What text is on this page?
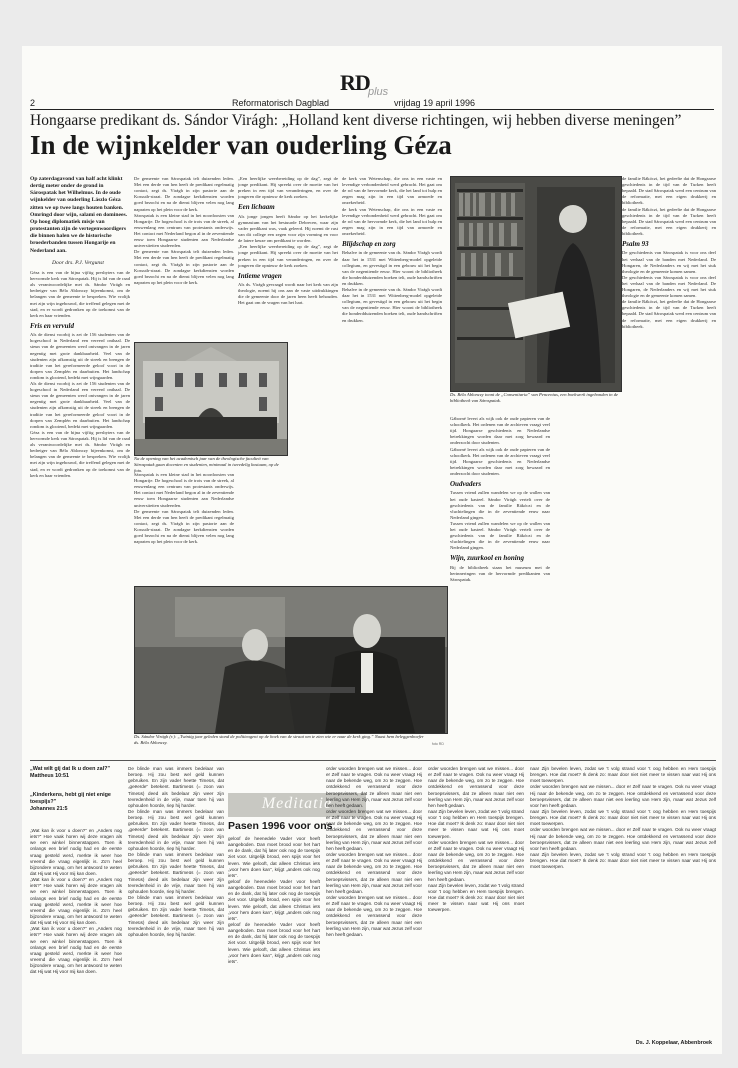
RD
plus
2	Reformatorisch Dagblad	vrijdag 19 april 1996
Hongaarse predikant ds. Sándor Virágh: „Holland kent diverse richtingen, wij hebben diverse meningen”
In de wijnkelder van ouderling Géza
Op zaterdagavond van half acht klinkt dertig meter onder de grond in Sárospatak het Wilhelmus. In de oude wijnkelder van ouderling Lászlo Géza zitten we op twee langs houten banken. Omringd door wijn, salami en dominees. Op hoog diplomatiek misje van protestanten zijn de vertegenwoordigers die binnen halen we de historische broederbanden tussen Hongarije en Nederland aan.
Door drs. P.J. Vergunst
Géza is een van de bijna vijftig presbyters van de hervormde kerk van Sárospatak. Hij is lid van de raad als verantwoordelijke met ds. Sándor Virágh en bedreiger van Béla Ablonczy bijeenkomst, om de belangen van de gemeente te bespreken. Wie vrolijk met zijn wijn ingebouwd, die treffend gelegen met de stad, en er wordt gedronken op de toekomst van de kerk en haar vrienden.
Fris en vervuld
Als de dienst voorbij is zet de 156 studenten van de hogeschool in Nederland een vereerd onthaal. De steun van de gemeenten werd ontvangen in de jaren negentig met grote dankbaarheid. Veel van de studenten zijn afkomstig uit de streek en brengen de traditie van het gereformeerde geloof voort in de dorpen van Zemplén en daarbuiten. Het landschap rondom is glooiend, bedekt met wijngaarden.
Als de dienst voorbij is zet de 156 studenten van de hogeschool in Nederland een vereerd onthaal. De steun van de gemeenten werd ontvangen in de jaren negentig met grote dankbaarheid. Veel van de studenten zijn afkomstig uit de streek en brengen de traditie van het gereformeerde geloof voort in de dorpen van Zemplén en daarbuiten. Het landschap rondom is glooiend, bedekt met wijngaarden.
Géza is een van de bijna vijftig presbyters van de hervormde kerk van Sárospatak. Hij is lid van de raad als verantwoordelijke met ds. Sándor Virágh en bedreiger van Béla Ablonczy bijeenkomst, om de belangen van de gemeente te bespreken. Wie vrolijk met zijn wijn ingebouwd, die treffend gelegen met de stad, en er wordt gedronken op de toekomst van de kerk en haar vrienden.
Na de opening van het academisch jaar van de theologische faculteit van Sárospatak gaan docenten en studenten, minimaal in tweedelig kostuum, op de foto.
De gemeente van Sárospatak telt duizenden leden. Met een derde van hen heeft de predikant regelmatig contact, zegt ds. Virágh in zijn pastorie aan de Kossuth-straat. De zondagse kerkdiensten worden goed bezocht en na de dienst blijven velen nog lang napraten op het plein voor de kerk.
Sárospatak is een kleine stad in het noordoosten van Hongarije. De hogeschool is de trots van de streek, al eeuwenlang een centrum van protestants onderwijs. Het contact met Nederland begon al in de zeventiende eeuw toen Hongaarse studenten aan Nederlandse universiteiten studeerden.
De gemeente van Sárospatak telt duizenden leden. Met een derde van hen heeft de predikant regelmatig contact, zegt ds. Virágh in zijn pastorie aan de Kossuth-straat. De zondagse kerkdiensten worden goed bezocht en na de dienst blijven velen nog lang napraten op het plein voor de kerk.
Sárospatak is een kleine stad in het noordoosten van Hongarije. De hogeschool is de trots van de streek, al eeuwenlang een centrum van protestants onderwijs. Het contact met Nederland begon al in de zeventiende eeuw toen Hongaarse studenten aan Nederlandse universiteiten studeerden.
De gemeente van Sárospatak telt duizenden leden. Met een derde van hen heeft de predikant regelmatig contact, zegt ds. Virágh in zijn pastorie aan de Kossuth-straat. De zondagse kerkdiensten worden goed bezocht en na de dienst blijven velen nog lang napraten op het plein voor de kerk.
„Een heerlijke weerbereiding op de dag”, zegt de jonge predikant. Hij spreekt over de moeite van het preken in een tijd van veranderingen, en over de jongeren die opnieuw de kerk zoeken.
Een lichaam
Als jonge jongen heeft Sándor op het kerkelijke gymnasium van het bestuurde Debrecen, waar zijn vader predikant was, vaak geleerd. Hij noemt de rust van dit college een zegen voor zijn vorming en voor de latere keuze om predikant te worden.
„Een heerlijke weerbereiding op de dag”, zegt de jonge predikant. Hij spreekt over de moeite van het preken in een tijd van veranderingen, en over de jongeren die opnieuw de kerk zoeken.
Intieme vragen
Als ds. Virágh gevraagd wordt naar het kerk van zijn theologie, noemt hij ons aan de vaste uitdrukkingen die de gemeente door de jaren heen heeft behouden. Het gaat om de vragen van het hart.
de kerk van Wetenschap, die ons in een vaste en levendige verbondenheid werd gebracht. Het gaat om de rol van de hervormde kerk, die het land tot hulp en zegen mag zijn in een tijd van armoede en onzekerheid.
de kerk van Wetenschap, die ons in een vaste en levendige verbondenheid werd gebracht. Het gaat om de rol van de hervormde kerk, die het land tot hulp en zegen mag zijn in een tijd van armoede en onzekerheid.
Blijdschap en zorg
Behalve in de gemeente van ds. Sándor Virágh wordt daar het in 1531 met Wittenberg-model opgeleide collegium, en gevestigd in een gebouw uit het begin van de negentiende eeuw. Hier woont de bibliotheek die honderdduizenden boeken telt, oude handschriften en drukken.
Behalve in de gemeente van ds. Sándor Virágh wordt daar het in 1531 met Wittenberg-model opgeleide collegium, en gevestigd in een gebouw uit het begin van de negentiende eeuw. Hier woont de bibliotheek die honderdduizenden boeken telt, oude handschriften en drukken.
Ds. Béla Ablonczy toont de „Consentiaria” van Pencenius, een boekwerk ingebonden in de bibliotheek van Sárospatak.
Gáborné levert als wijk ook de oude papieren van de schoolkerk. Het ordenen van de archieven vraagt veel tijd. Hongaarse geschiedenis en Nederlandse betrekkingen worden daar met zorg bewaard en onderzocht door studenten.
Gáborné levert als wijk ook de oude papieren van de schoolkerk. Het ordenen van de archieven vraagt veel tijd. Hongaarse geschiedenis en Nederlandse betrekkingen worden daar met zorg bewaard en onderzocht door studenten.
Oudvaders
Tussen vriend zullen wandelen we op de wallen van het oude kasteel. Sándor Virágh vertelt over de geschiedenis van de familie Rákóczi en de vluchtelingen die in de zeventiende eeuw naar Nederland gingen.
Tussen vriend zullen wandelen we op de wallen van het oude kasteel. Sándor Virágh vertelt over de geschiedenis van de familie Rákóczi en de vluchtelingen die in de zeventiende eeuw naar Nederland gingen.
Wijn, zuurkool en honing
Bij de bibliotheek staan het museum met de herinneringen van de hervormde predikanten van Sárospatak.
de familie Rákóczi, het gedeelte dat de Hongaarse geschiedenis in de tijd van de Turken heeft bepaald. De stad Sárospatak werd een centrum van de reformatie, met een eigen drukkerij en bibliotheek.
de familie Rákóczi, het gedeelte dat de Hongaarse geschiedenis in de tijd van de Turken heeft bepaald. De stad Sárospatak werd een centrum van de reformatie, met een eigen drukkerij en bibliotheek.
Psalm 93
De geschiedenis van Sárospatak is voor ons deel het verhaal van de banden met Nederland. De Hongaren, de Nederlanders en wij met het stuk theologie en de gemeente komen samen.
De geschiedenis van Sárospatak is voor ons deel het verhaal van de banden met Nederland. De Hongaren, de Nederlanders en wij met het stuk theologie en de gemeente komen samen.
de familie Rákóczi, het gedeelte dat de Hongaarse geschiedenis in de tijd van de Turken heeft bepaald. De stad Sárospatak werd een centrum van de reformatie, met een eigen drukkerij en bibliotheek.
Ds. Sándor Virágh (r.): „Twintig jaar geleden stond de politieagent op de hoek van de straat om te zien wie er naar de kerk ging.” Naast hem beleggenboefer ds. Béla Ablonczy.	foto RD
„Wat wilt gij dat Ik u doen zal?”
Mattheus 10:51
„Kinderkens, hebt gij niet enige toespijs?”
Johannes 21:5
„Wat kan ik voor u doen?” en „Anders nog iets?” Hoe vaak horen wij deze vragen als we een winkel binnenstappen. Toen ik onlangs een brief nodig had en de eerste vraag gesteld werd, merkte ik weer hoe vreemd die vraag eigenlijk is. Zo'n heel bijzondere vraag, om het antwoord te weten dat Hij wat Hij voor mij kan doen.
„Wat kan ik voor u doen?” en „Anders nog iets?” Hoe vaak horen wij deze vragen als we een winkel binnenstappen. Toen ik onlangs een brief nodig had en de eerste vraag gesteld werd, merkte ik weer hoe vreemd die vraag eigenlijk is. Zo'n heel bijzondere vraag, om het antwoord te weten dat Hij wat Hij voor mij kan doen.
„Wat kan ik voor u doen?” en „Anders nog iets?” Hoe vaak horen wij deze vragen als we een winkel binnenstappen. Toen ik onlangs een brief nodig had en de eerste vraag gesteld werd, merkte ik weer hoe vreemd die vraag eigenlijk is. Zo'n heel bijzondere vraag, om het antwoord te weten dat Hij wat Hij voor mij kan doen.
De blinde man was immers bedelaar van beroep. Hij zou best wel geld kunnen gebruiken. En zijn vader heette Timeüs, dat „geëerde” betekent. Bartimeüs (= zoon van Timeüs) deed als bedelaar zijn weer zijn tevredenheid in de vrije, maar toen hij van ophouden hoorde, riep hij harder.
De blinde man was immers bedelaar van beroep. Hij zou best wel geld kunnen gebruiken. En zijn vader heette Timeüs, dat „geëerde” betekent. Bartimeüs (= zoon van Timeüs) deed als bedelaar zijn weer zijn tevredenheid in de vrije, maar toen hij van ophouden hoorde, riep hij harder.
De blinde man was immers bedelaar van beroep. Hij zou best wel geld kunnen gebruiken. En zijn vader heette Timeüs, dat „geëerde” betekent. Bartimeüs (= zoon van Timeüs) deed als bedelaar zijn weer zijn tevredenheid in de vrije, maar toen hij van ophouden hoorde, riep hij harder.
De blinde man was immers bedelaar van beroep. Hij zou best wel geld kunnen gebruiken. En zijn vader heette Timeüs, dat „geëerde” betekent. Bartimeüs (= zoon van Timeüs) deed als bedelaar zijn weer zijn tevredenheid in de vrije, maar toen hij van ophouden hoorde, riep hij harder.
Meditatie
Pasen 1996 voor ons
geloof de heenedele Vader voor heeft aangeboden. Dan moet brood voor het hart en de dank, dat hij later ook nog de toespijs ziet voor. Uitgelijk brood, een spijs voor het leven. Wie gelooft, dat alleen Christus iets „voor hem doen kan”, krijgt „anders ook nog iets”.
geloof de heenedele Vader voor heeft aangeboden. Dan moet brood voor het hart en de dank, dat hij later ook nog de toespijs ziet voor. Uitgelijk brood, een spijs voor het leven. Wie gelooft, dat alleen Christus iets „voor hem doen kan”, krijgt „anders ook nog iets”.
geloof de heenedele Vader voor heeft aangeboden. Dan moet brood voor het hart en de dank, dat hij later ook nog de toespijs ziet voor. Uitgelijk brood, een spijs voor het leven. Wie gelooft, dat alleen Christus iets „voor hem doen kan”, krijgt „anders ook nog iets”.
order woorden brengen wat we missen... door er Zelf naar te vragen. Ook nu weer vraagt Hij naar de bekende weg, om zo te zeggen. Hoe ontdekkend en verrassend voor deze beroepsvissers, dat ze alleen maar niet een leerling van Hem zijn, maar wat Jezus zelf voor hen heeft gedaan.
order woorden brengen wat we missen... door er Zelf naar te vragen. Ook nu weer vraagt Hij naar de bekende weg, om zo te zeggen. Hoe ontdekkend en verrassend voor deze beroepsvissers, dat ze alleen maar niet een leerling van Hem zijn, maar wat Jezus zelf voor hen heeft gedaan.
order woorden brengen wat we missen... door er Zelf naar te vragen. Ook nu weer vraagt Hij naar de bekende weg, om zo te zeggen. Hoe ontdekkend en verrassend voor deze beroepsvissers, dat ze alleen maar niet een leerling van Hem zijn, maar wat Jezus zelf voor hen heeft gedaan.
order woorden brengen wat we missen... door er Zelf naar te vragen. Ook nu weer vraagt Hij naar de bekende weg, om zo te zeggen. Hoe ontdekkend en verrassend voor deze beroepsvissers, dat ze alleen maar niet een leerling van Hem zijn, maar wat Jezus zelf voor hen heeft gedaan.
order woorden brengen wat we missen... door er Zelf naar te vragen. Ook nu weer vraagt Hij naar de bekende weg, om zo te zeggen. Hoe ontdekkend en verrassend voor deze beroepsvissers, dat ze alleen maar niet een leerling van Hem zijn, maar wat Jezus zelf voor hen heeft gedaan.
naar Zijn bevelen leven, zodat we 't volg strand voor 't oog hebben en Hem toespijs brengen. Hoe dat moet? Ik denk zo: maar door niet niet meer te vissen naar wat Hij ons moet toewerpen.
order woorden brengen wat we missen... door er Zelf naar te vragen. Ook nu weer vraagt Hij naar de bekende weg, om zo te zeggen. Hoe ontdekkend en verrassend voor deze beroepsvissers, dat ze alleen maar niet een leerling van Hem zijn, maar wat Jezus zelf voor hen heeft gedaan.
naar Zijn bevelen leven, zodat we 't volg strand voor 't oog hebben en Hem toespijs brengen. Hoe dat moet? Ik denk zo: maar door niet niet meer te vissen naar wat Hij ons moet toewerpen.
naar Zijn bevelen leven, zodat we 't volg strand voor 't oog hebben en Hem toespijs brengen. Hoe dat moet? Ik denk zo: maar door niet niet meer te vissen naar wat Hij ons moet toewerpen.
order woorden brengen wat we missen... door er Zelf naar te vragen. Ook nu weer vraagt Hij naar de bekende weg, om zo te zeggen. Hoe ontdekkend en verrassend voor deze beroepsvissers, dat ze alleen maar niet een leerling van Hem zijn, maar wat Jezus zelf voor hen heeft gedaan.
naar Zijn bevelen leven, zodat we 't volg strand voor 't oog hebben en Hem toespijs brengen. Hoe dat moet? Ik denk zo: maar door niet niet meer te vissen naar wat Hij ons moet toewerpen.
order woorden brengen wat we missen... door er Zelf naar te vragen. Ook nu weer vraagt Hij naar de bekende weg, om zo te zeggen. Hoe ontdekkend en verrassend voor deze beroepsvissers, dat ze alleen maar niet een leerling van Hem zijn, maar wat Jezus zelf voor hen heeft gedaan.
naar Zijn bevelen leven, zodat we 't volg strand voor 't oog hebben en Hem toespijs brengen. Hoe dat moet? Ik denk zo: maar door niet niet meer te vissen naar wat Hij ons moet toewerpen.
Ds. J. Koppelaar, Abbenbroek
